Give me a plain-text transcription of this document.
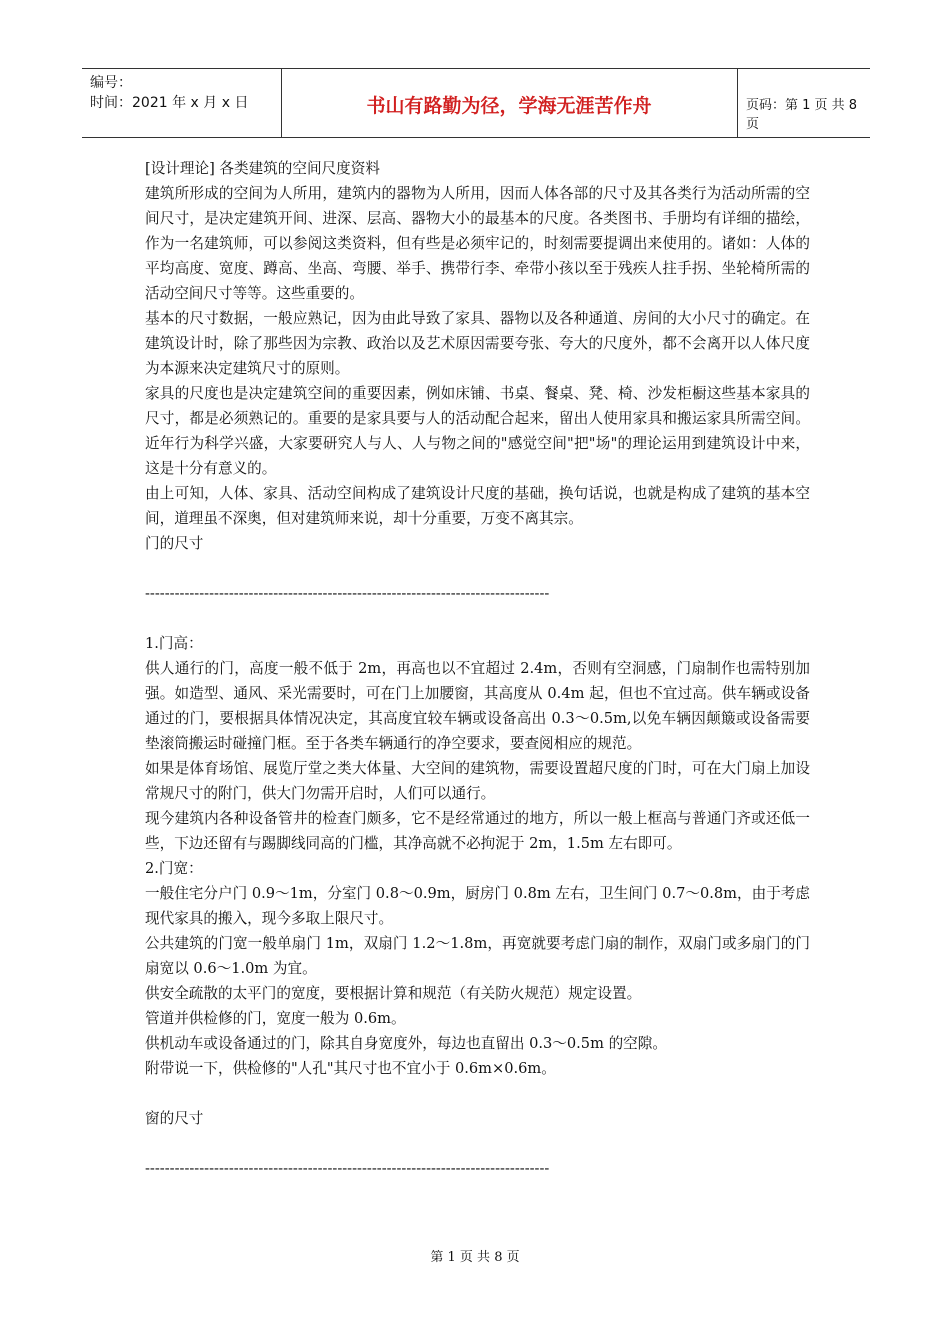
编号：
时间：2021 年 x 月 x 日	书山有路勤为径，学海无涯苦作舟	页码：第 1 页 共 8 页

[设计理论] 各类建筑的空间尺度资料

建筑所形成的空间为人所用，建筑内的器物为人所用，因而人体各部的尺寸及其各类行为活动所需的空间尺寸，是决定建筑开间、进深、层高、器物大小的最基本的尺度。各类图书、手册均有详细的描绘，作为一名建筑师，可以参阅这类资料，但有些是必须牢记的，时刻需要提调出来使用的。诸如：人体的平均高度、宽度、蹲高、坐高、弯腰、举手、携带行李、牵带小孩以至于残疾人拄手拐、坐轮椅所需的活动空间尺寸等等。这些重要的。

基本的尺寸数据，一般应熟记，因为由此导致了家具、器物以及各种通道、房间的大小尺寸的确定。在建筑设计时，除了那些因为宗教、政治以及艺术原因需要夸张、夸大的尺度外，都不会离开以人体尺度为本源来决定建筑尺寸的原则。

家具的尺度也是决定建筑空间的重要因素，例如床铺、书桌、餐桌、凳、椅、沙发柜橱这些基本家具的尺寸，都是必须熟记的。重要的是家具要与人的活动配合起来，留出人使用家具和搬运家具所需空间。近年行为科学兴盛，大家要研究人与人、人与物之间的"感觉空间"把"场"的理论运用到建筑设计中来，这是十分有意义的。

由上可知，人体、家具、活动空间构成了建筑设计尺度的基础，换句话说，也就是构成了建筑的基本空间，道理虽不深奥，但对建筑师来说，却十分重要，万变不离其宗。

门的尺寸

----------------------------------------------------------------------------------

1.门高：

供人通行的门，高度一般不低于 2m，再高也以不宜超过 2.4m，否则有空洞感，门扇制作也需特别加强。如造型、通风、采光需要时，可在门上加腰窗，其高度从 0.4m 起，但也不宜过高。供车辆或设备通过的门，要根据具体情况决定，其高度宜较车辆或设备高出 0.3～0.5m,以免车辆因颠簸或设备需要垫滚筒搬运时碰撞门框。至于各类车辆通行的净空要求，要查阅相应的规范。

如果是体育场馆、展览厅堂之类大体量、大空间的建筑物，需要设置超尺度的门时，可在大门扇上加设常规尺寸的附门，供大门勿需开启时，人们可以通行。

现今建筑内各种设备管井的检查门颇多，它不是经常通过的地方，所以一般上框高与普通门齐或还低一些，下边还留有与踢脚线同高的门槛，其净高就不必拘泥于 2m，1.5m 左右即可。

2.门宽：

一般住宅分户门 0.9～1m，分室门 0.8～0.9m，厨房门 0.8m 左右，卫生间门 0.7～0.8m，由于考虑现代家具的搬入，现今多取上限尺寸。

公共建筑的门宽一般单扇门 1m，双扇门 1.2～1.8m，再宽就要考虑门扇的制作，双扇门或多扇门的门扇宽以 0.6～1.0m 为宜。

供安全疏散的太平门的宽度，要根据计算和规范（有关防火规范）规定设置。

管道并供检修的门，宽度一般为 0.6m。

供机动车或设备通过的门，除其自身宽度外，每边也直留出 0.3～0.5m 的空隙。

附带说一下，供检修的"人孔"其尺寸也不宜小于 0.6m×0.6m。

窗的尺寸

----------------------------------------------------------------------------------

第 1 页 共 8 页
